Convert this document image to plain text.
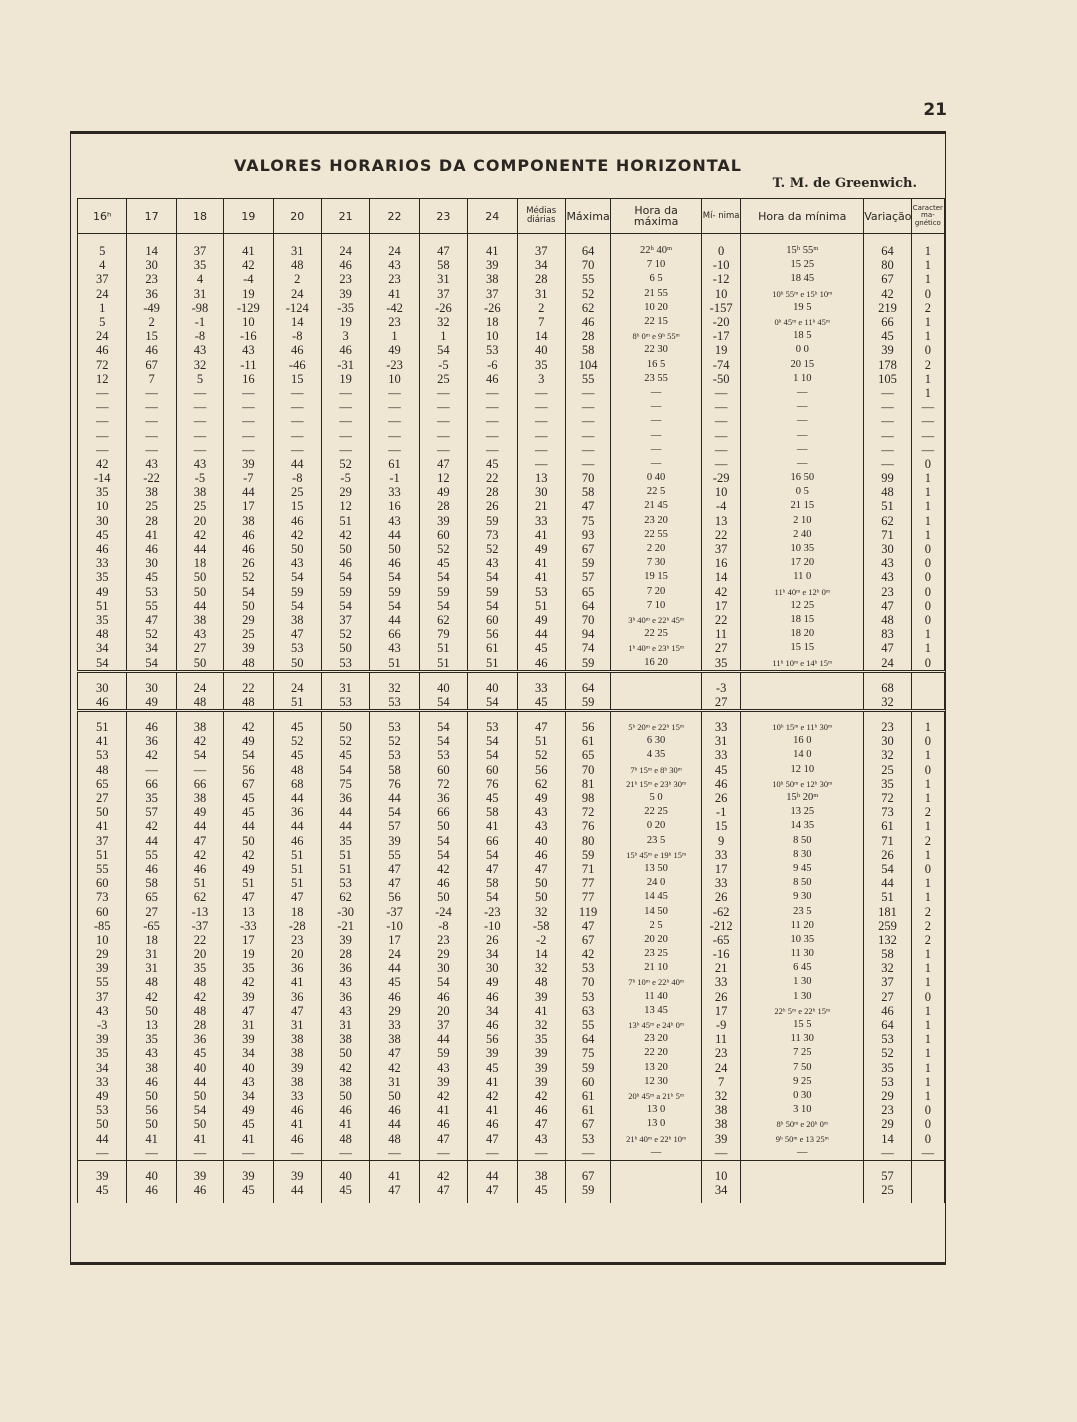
21
VALORES HORARIOS DA COMPONENTE HORIZONTAL
T. M. de Greenwich.
16ʰ	17	18	19	20	21	22	23	24	Médias diárias	Máxima	Hora da máxima	Mí- nima	Hora da mínima	Variação	Caracter ma- gnético

5	14	37	41	31	24	24	47	41	37	64	22ʰ 40ᵐ	0	15ʰ 55ᵐ	64	1
4	30	35	42	48	46	43	58	39	34	70	7 10	-10	15 25	80	1
37	23	4	-4	2	23	23	31	38	28	55	6 5	-12	18 45	67	1
24	36	31	19	24	39	41	37	37	31	52	21 55	10	10ʰ 55ᵐ e 15ʰ 10ᵐ	42	0
1	-49	-98	-129	-124	-35	-42	-26	-26	2	62	10 20	-157	19 5	219	2
5	2	-1	10	14	19	23	32	18	7	46	22 15	-20	0ʰ 45ᵐ e 11ʰ 45ᵐ	66	1
24	15	-8	-16	-8	3	1	1	10	14	28	8ʰ 0ᵐ e 9ʰ 55ᵐ	-17	18 5	45	1
46	46	43	43	46	46	49	54	53	40	58	22 30	19	0 0	39	0
72	67	32	-11	-46	-31	-23	-5	-6	35	104	16 5	-74	20 15	178	2
12	7	5	16	15	19	10	25	46	3	55	23 55	-50	1 10	105	1
—	—	—	—	—	—	—	—	—	—	—	—	—	—	—	1
—	—	—	—	—	—	—	—	—	—	—	—	—	—	—	—
—	—	—	—	—	—	—	—	—	—	—	—	—	—	—	—
—	—	—	—	—	—	—	—	—	—	—	—	—	—	—	—
—	—	—	—	—	—	—	—	—	—	—	—	—	—	—	—
42	43	43	39	44	52	61	47	45	—	—	—	—	—	—	0
-14	-22	-5	-7	-8	-5	-1	12	22	13	70	0 40	-29	16 50	99	1
35	38	38	44	25	29	33	49	28	30	58	22 5	10	0 5	48	1
10	25	25	17	15	12	16	28	26	21	47	21 45	-4	21 15	51	1
30	28	20	38	46	51	43	39	59	33	75	23 20	13	2 10	62	1
45	41	42	46	42	42	44	60	73	41	93	22 55	22	2 40	71	1
46	46	44	46	50	50	50	52	52	49	67	2 20	37	10 35	30	0
33	30	18	26	43	46	46	45	43	41	59	7 30	16	17 20	43	0
35	45	50	52	54	54	54	54	54	41	57	19 15	14	11 0	43	0
49	53	50	54	59	59	59	59	59	53	65	7 20	42	11ʰ 40ᵐ e 12ʰ 0ᵐ	23	0
51	55	44	50	54	54	54	54	54	51	64	7 10	17	12 25	47	0
35	47	38	29	38	37	44	62	60	49	70	3ʰ 40ᵐ e 22ʰ 45ᵐ	22	18 15	48	0
48	52	43	25	47	52	66	79	56	44	94	22 25	11	18 20	83	1
34	34	27	39	53	50	43	51	61	45	74	1ʰ 40ᵐ e 23ʰ 15ᵐ	27	15 15	47	1
54	54	50	48	50	53	51	51	51	46	59	16 20	35	11ʰ 10ᵐ e 14ʰ 15ᵐ	24	0

30	30	24	22	24	31	32	40	40	33	64		-3		68	
46	49	48	48	51	53	53	54	54	45	59		27		32	

51	46	38	42	45	50	53	54	53	47	56	5ʰ 20ᵐ e 22ʰ 15ᵐ	33	10ʰ 15ᵐ e 11ʰ 30ᵐ	23	1
41	36	42	49	52	52	52	54	54	51	61	6 30	31	16 0	30	0
53	42	54	54	45	45	53	53	54	52	65	4 35	33	14 0	32	1
48	—	—	56	48	54	58	60	60	56	70	7ʰ 15ᵐ e 8ʰ 30ᵐ	45	12 10	25	0
65	66	66	67	68	75	76	72	76	62	81	21ʰ 15ᵐ e 23ʰ 30ᵐ	46	10ʰ 50ᵐ e 12ʰ 30ᵐ	35	1
27	35	38	45	44	36	44	36	45	49	98	5 0	26	15ʰ 20ᵐ	72	1
50	57	49	45	36	44	54	66	58	43	72	22 25	-1	13 25	73	2
41	42	44	44	44	44	57	50	41	43	76	0 20	15	14 35	61	1
37	44	47	50	46	35	39	54	66	40	80	23 5	9	8 50	71	2
51	55	42	42	51	51	55	54	54	46	59	15ʰ 45ᵐ e 19ʰ 15ᵐ	33	8 30	26	1
55	46	46	49	51	51	47	42	47	47	71	13 50	17	9 45	54	0
60	58	51	51	51	53	47	46	58	50	77	24 0	33	8 50	44	1
73	65	62	47	47	62	56	50	54	50	77	14 45	26	9 30	51	1
60	27	-13	13	18	-30	-37	-24	-23	32	119	14 50	-62	23 5	181	2
-85	-65	-37	-33	-28	-21	-10	-8	-10	-58	47	2 5	-212	11 20	259	2
10	18	22	17	23	39	17	23	26	-2	67	20 20	-65	10 35	132	2
29	31	20	19	20	28	24	29	34	14	42	23 25	-16	11 30	58	1
39	31	35	35	36	36	44	30	30	32	53	21 10	21	6 45	32	1
55	48	48	42	41	43	45	54	49	48	70	7ʰ 10ᵐ e 22ʰ 40ᵐ	33	1 30	37	1
37	42	42	39	36	36	46	46	46	39	53	11 40	26	1 30	27	0
43	50	48	47	47	43	29	20	34	41	63	13 45	17	22ʰ 5ᵐ e 22ʰ 15ᵐ	46	1
-3	13	28	31	31	31	33	37	46	32	55	13ʰ 45ᵐ e 24ʰ 0ᵐ	-9	15 5	64	1
39	35	36	39	38	38	38	44	56	35	64	23 20	11	11 30	53	1
35	43	45	34	38	50	47	59	39	39	75	22 20	23	7 25	52	1
34	38	40	40	39	42	42	43	45	39	59	13 20	24	7 50	35	1
33	46	44	43	38	38	31	39	41	39	60	12 30	7	9 25	53	1
49	50	50	34	33	50	50	42	42	42	61	20ʰ 45ᵐ a 21ʰ 5ᵐ	32	0 30	29	1
53	56	54	49	46	46	46	41	41	46	61	13 0	38	3 10	23	0
50	50	50	45	41	41	44	46	46	47	67	13 0	38	8ʰ 50ᵐ e 20ʰ 0ᵐ	29	0
44	41	41	41	46	48	48	47	47	43	53	21ʰ 40ᵐ e 22ʰ 10ᵐ	39	9ʰ 50ᵐ e 13 25ᵐ	14	0
—	—	—	—	—	—	—	—	—	—	—	—	—	—	—	—

39	40	39	39	39	40	41	42	44	38	67		10		57	
45	46	46	45	44	45	47	47	47	45	59		34		25	
